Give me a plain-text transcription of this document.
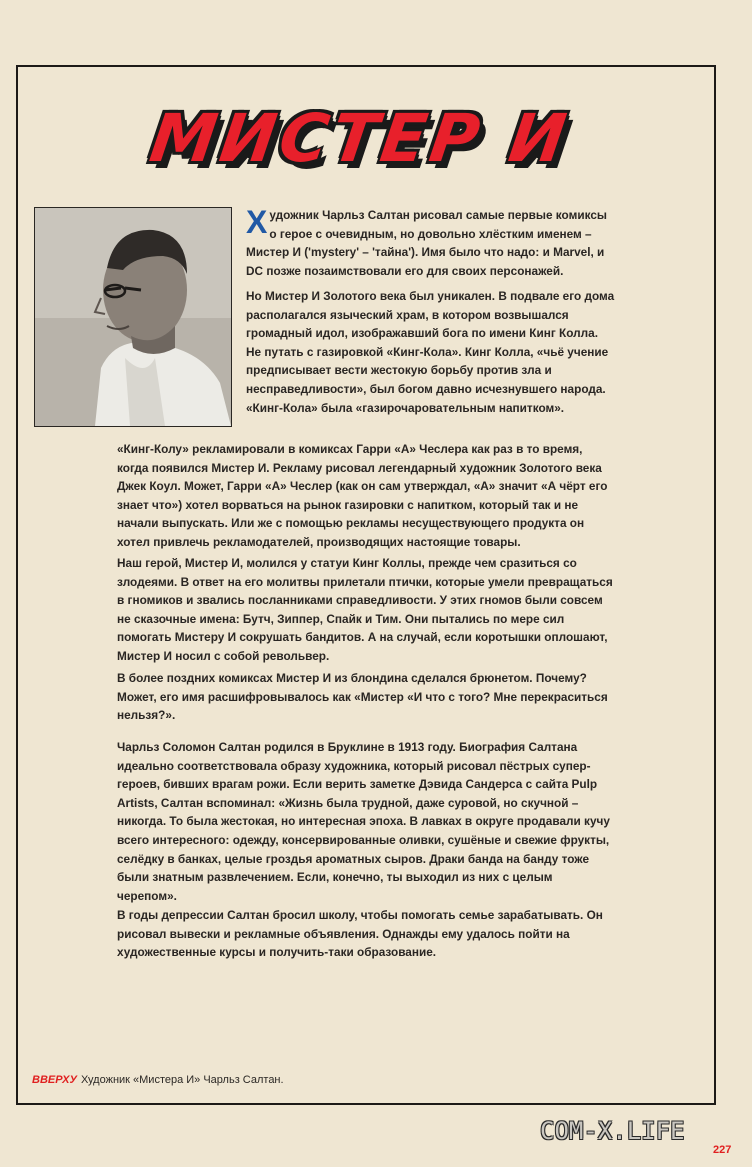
МИСТЕР И
Художник Чарльз Салтан рисовал самые первые комиксы о герое с очевидным, но довольно хлёстким именем – Мистер И ('mystery' – 'тайна'). Имя было что надо: и Marvel, и DC позже позаимствовали его для своих персонажей.
Но Мистер И Золотого века был уникален. В подвале его дома располагался языческий храм, в котором возвышался громадный идол, изображавший бога по имени Кинг Колла. Не путать с газировкой «Кинг-Кола». Кинг Колла, «чьё учение предписывает вести жестокую борьбу против зла и несправедливости», был богом давно исчезнувшего народа. «Кинг-Кола» была «газирочаровательным напитком».
«Кинг-Колу» рекламировали в комиксах Гарри «А» Чеслера как раз в то время, когда появился Мистер И. Рекламу рисовал легендарный художник Золотого века Джек Коул. Может, Гарри «А» Чеслер (как он сам утверждал, «А» значит «А чёрт его знает что») хотел ворваться на рынок газировки с напитком, который так и не начали выпускать. Или же с помощью рекламы несуществующего продукта он хотел привлечь рекламодателей, производящих настоящие товары.
Наш герой, Мистер И, молился у статуи Кинг Коллы, прежде чем сразиться со злодеями. В ответ на его молитвы прилетали птички, которые умели превращаться в гномиков и звались посланниками справедливости. У этих гномов были совсем не сказочные имена: Бутч, Зиппер, Спайк и Тим. Они пытались по мере сил помогать Мистеру И сокрушать бандитов. А на случай, если коротышки оплошают, Мистер И носил с собой револьвер.
В более поздних комиксах Мистер И из блондина сделался брюнетом. Почему? Может, его имя расшифровывалось как «Мистер «И что с того? Мне перекраситься нельзя?».
Чарльз Соломон Салтан родился в Бруклине в 1913 году. Биография Салтана идеально соответствовала образу художника, который рисовал пёстрых супер-героев, бивших врагам рожи. Если верить заметке Дэвида Сандерса с сайта Pulp Artists, Салтан вспоминал: «Жизнь была трудной, даже суровой, но скучной – никогда. То была жестокая, но интересная эпоха. В лавках в округе продавали кучу всего интересного: одежду, консервированные оливки, сушёные и свежие фрукты, селёдку в банках, целые гроздья ароматных сыров. Драки банда на банду тоже были знатным развлечением. Если, конечно, ты выходил из них с целым черепом».
В годы депрессии Салтан бросил школу, чтобы помогать семье зарабатывать. Он рисовал вывески и рекламные объявления. Однажды ему удалось пойти на художественные курсы и получить-таки образование.
ВВЕРХУ Художник «Мистера И» Чарльз Салтан.
COM-X.LIFE
227
